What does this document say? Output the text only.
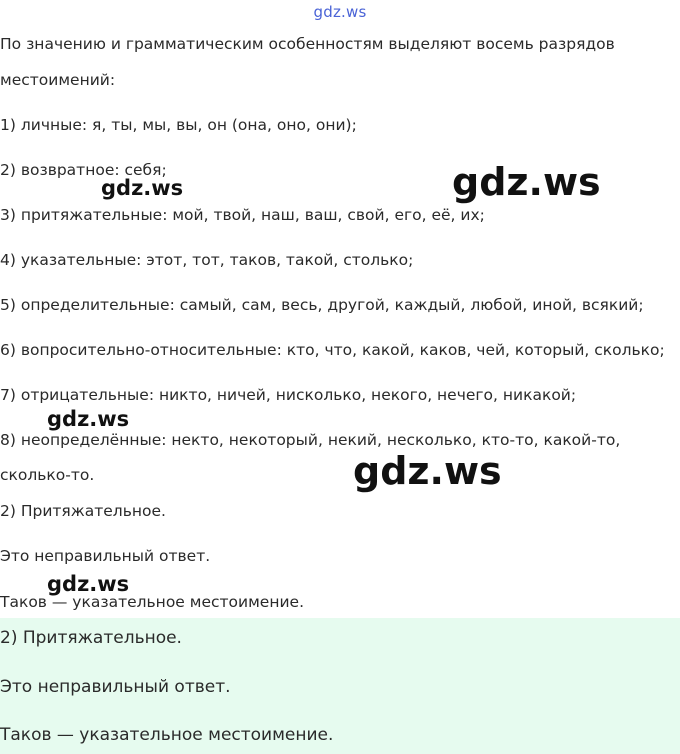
gdz.ws
По значению и грамматическим особенностям выделяют восемь разрядов
местоимений:
1) личные: я, ты, мы, вы, он (она, оно, они);
2) возвратное: себя;
3) притяжательные: мой, твой, наш, ваш, свой, его, её, их;
4) указательные: этот, тот, таков, такой, столько;
5) определительные: самый, сам, весь, другой, каждый, любой, иной, всякий;
6) вопросительно-относительные: кто, что, какой, каков, чей, который, сколько;
7) отрицательные: никто, ничей, нисколько, некого, нечего, никакой;
8) неопределённые: некто, некоторый, некий, несколько, кто-то, какой-то,
сколько-то.
2) Притяжательное.
Это неправильный ответ.
Таков — указательное местоимение.
2) Притяжательное.
Это неправильный ответ.
Таков — указательное местоимение.
gdz.ws	gdz.ws
gdz.ws
gdz.ws
gdz.ws
